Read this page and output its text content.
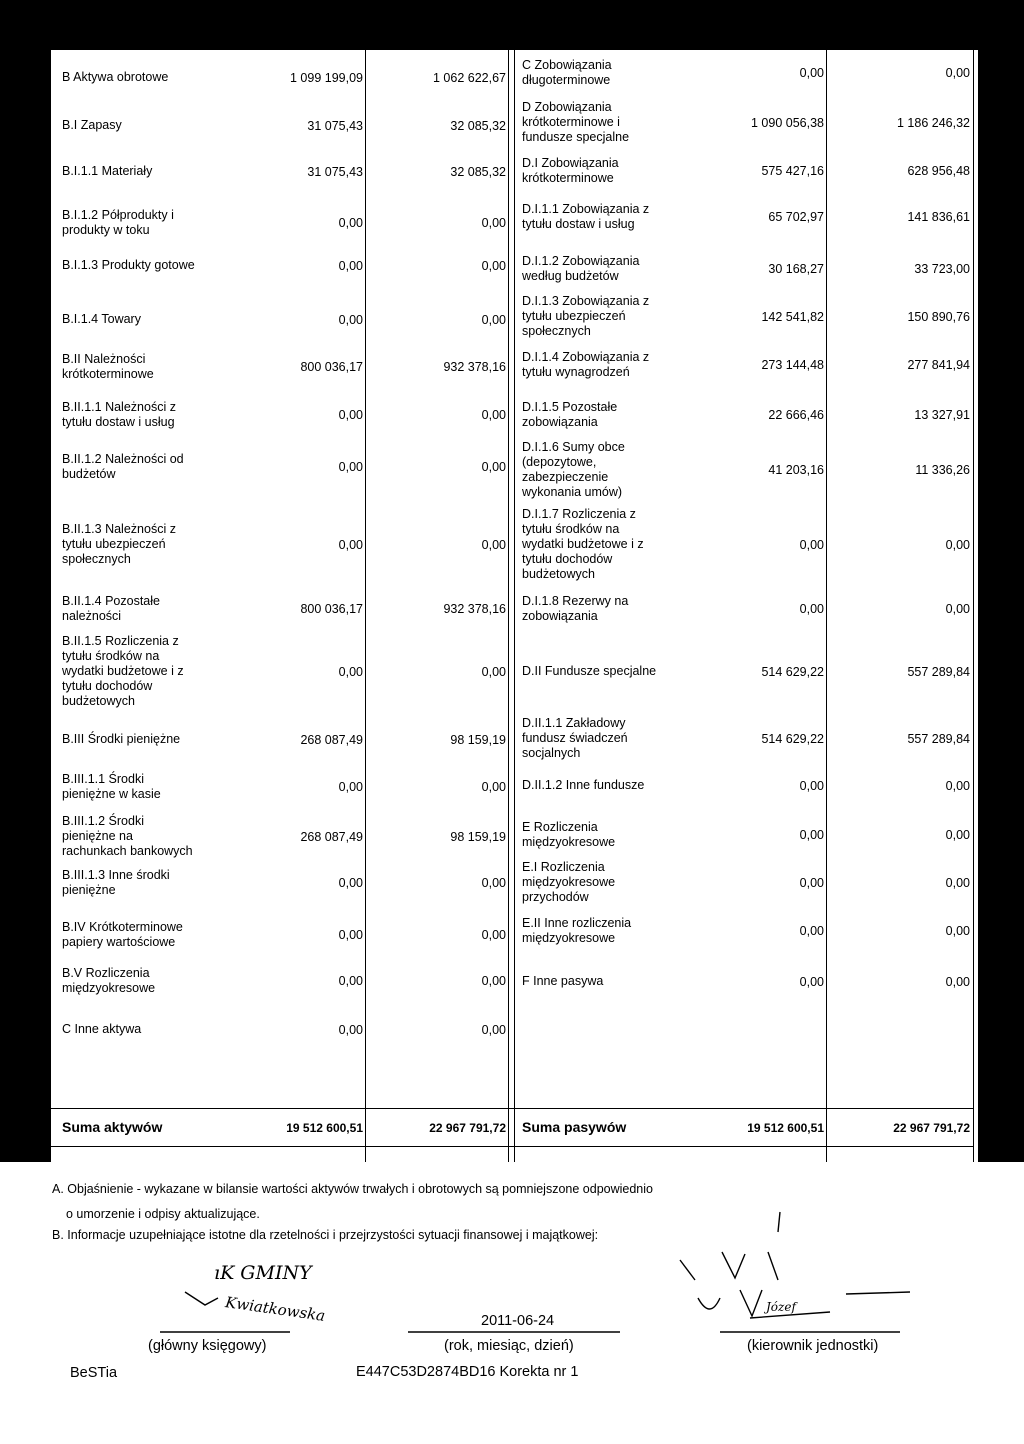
B Aktywa obrotowe	1 099 199,09	1 062 622,67
B.I Zapasy	31 075,43	32 085,32
B.I.1.1 Materiały	31 075,43	32 085,32
B.I.1.2 Półprodukty i
produkty w toku	0,00	0,00
B.I.1.3 Produkty gotowe	0,00	0,00
B.I.1.4 Towary	0,00	0,00
B.II Należności
krótkoterminowe	800 036,17	932 378,16
B.II.1.1 Należności z
tytułu dostaw i usług	0,00	0,00
B.II.1.2 Należności od
budżetów	0,00	0,00
B.II.1.3 Należności z
tytułu ubezpieczeń
społecznych
0,00	0,00
B.II.1.4 Pozostałe
należności	800 036,17	932 378,16
B.II.1.5 Rozliczenia z
tytułu środków na
wydatki budżetowe i z
tytułu dochodów
budżetowych
0,00	0,00
B.III Środki pieniężne	268 087,49	98 159,19
B.III.1.1 Środki
pieniężne w kasie	0,00	0,00
B.III.1.2 Środki
pieniężne na
rachunkach bankowych
268 087,49	98 159,19
B.III.1.3 Inne środki
pieniężne	0,00	0,00
B.IV Krótkoterminowe
papiery wartościowe	0,00	0,00
B.V Rozliczenia
międzyokresowe	0,00	0,00
C Inne aktywa	0,00	0,00
C Zobowiązania
długoterminowe	0,00	0,00
D Zobowiązania
krótkoterminowe i
fundusze specjalne
1 090 056,38	1 186 246,32
D.I Zobowiązania
krótkoterminowe	575 427,16	628 956,48
D.I.1.1 Zobowiązania z
tytułu dostaw i usług	65 702,97	141 836,61
D.I.1.2 Zobowiązania
według budżetów	30 168,27	33 723,00
D.I.1.3 Zobowiązania z
tytułu ubezpieczeń
społecznych
142 541,82	150 890,76
D.I.1.4 Zobowiązania z
tytułu wynagrodzeń	273 144,48	277 841,94
D.I.1.5 Pozostałe
zobowiązania	22 666,46	13 327,91
D.I.1.6 Sumy obce
(depozytowe,
zabezpieczenie
wykonania umów)
41 203,16	11 336,26
D.I.1.7 Rozliczenia z
tytułu środków na
wydatki budżetowe i z
tytułu dochodów
budżetowych
0,00	0,00
D.I.1.8 Rezerwy na
zobowiązania	0,00	0,00
D.II Fundusze specjalne	514 629,22	557 289,84
D.II.1.1 Zakładowy
fundusz świadczeń
socjalnych
514 629,22	557 289,84
D.II.1.2 Inne fundusze	0,00	0,00
E Rozliczenia
międzyokresowe	0,00	0,00
E.I Rozliczenia
międzyokresowe
przychodów
0,00	0,00
E.II Inne rozliczenia
międzyokresowe	0,00	0,00
F Inne pasywa	0,00	0,00
Suma aktywów	19 512 600,51	22 967 791,72 Suma pasywów	19 512 600,51	22 967 791,72
A. Objaśnienie - wykazane w bilansie wartości aktywów trwałych i obrotowych są pomniejszone odpowiednio
o umorzenie i odpisy aktualizujące.
B. Informacje uzupełniające istotne dla rzetelności i przejrzystości sytuacji finansowej i majątkowej:
ıK GMINY
Kwiatkowska	Józef
2011-06-24
(główny księgowy)	(rok, miesiąc, dzień)	(kierownik jednostki)
BeSTia	E447C53D2874BD16 Korekta nr 1
